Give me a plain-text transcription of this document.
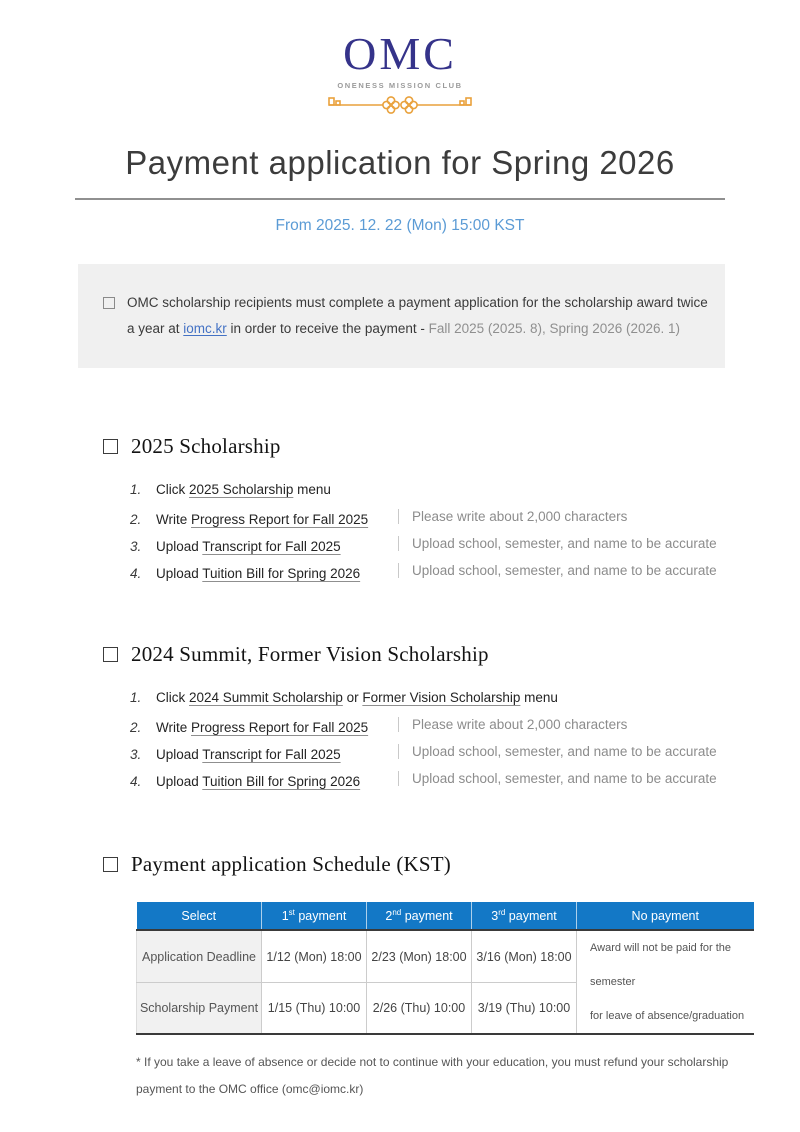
OMC
ONENESS MISSION CLUB
Payment application for Spring 2026
From 2025. 12. 22 (Mon) 15:00 KST
OMC scholarship recipients must complete a payment application for the scholarship award twice
a year at iomc.kr in order to receive the payment - Fall 2025 (2025. 8), Spring 2026 (2026. 1)
2025 Scholarship
1.	Click 2025 Scholarship menu
2.	Write Progress Report for Fall 2025	Please write about 2,000 characters
3.	Upload Transcript for Fall 2025	Upload school, semester, and name to be accurate
4.	Upload Tuition Bill for Spring 2026	Upload school, semester, and name to be accurate
2024 Summit, Former Vision Scholarship
1.	Click 2024 Summit Scholarship or Former Vision Scholarship menu
2.	Write Progress Report for Fall 2025	Please write about 2,000 characters
3.	Upload Transcript for Fall 2025	Upload school, semester, and name to be accurate
4.	Upload Tuition Bill for Spring 2026	Upload school, semester, and name to be accurate
Payment application Schedule (KST)
Select	1st payment	2nd payment	3rd payment	No payment
Application Deadline	1/12 (Mon) 18:00	2/23 (Mon) 18:00	3/16 (Mon) 18:00	Award will not be paid for the semester
for leave of absence/graduation
Scholarship Payment	1/15 (Thu) 10:00	2/26 (Thu) 10:00	3/19 (Thu) 10:00	
* If you take a leave of absence or decide not to continue with your education, you must refund your scholarship
payment to the OMC office (omc@iomc.kr)
